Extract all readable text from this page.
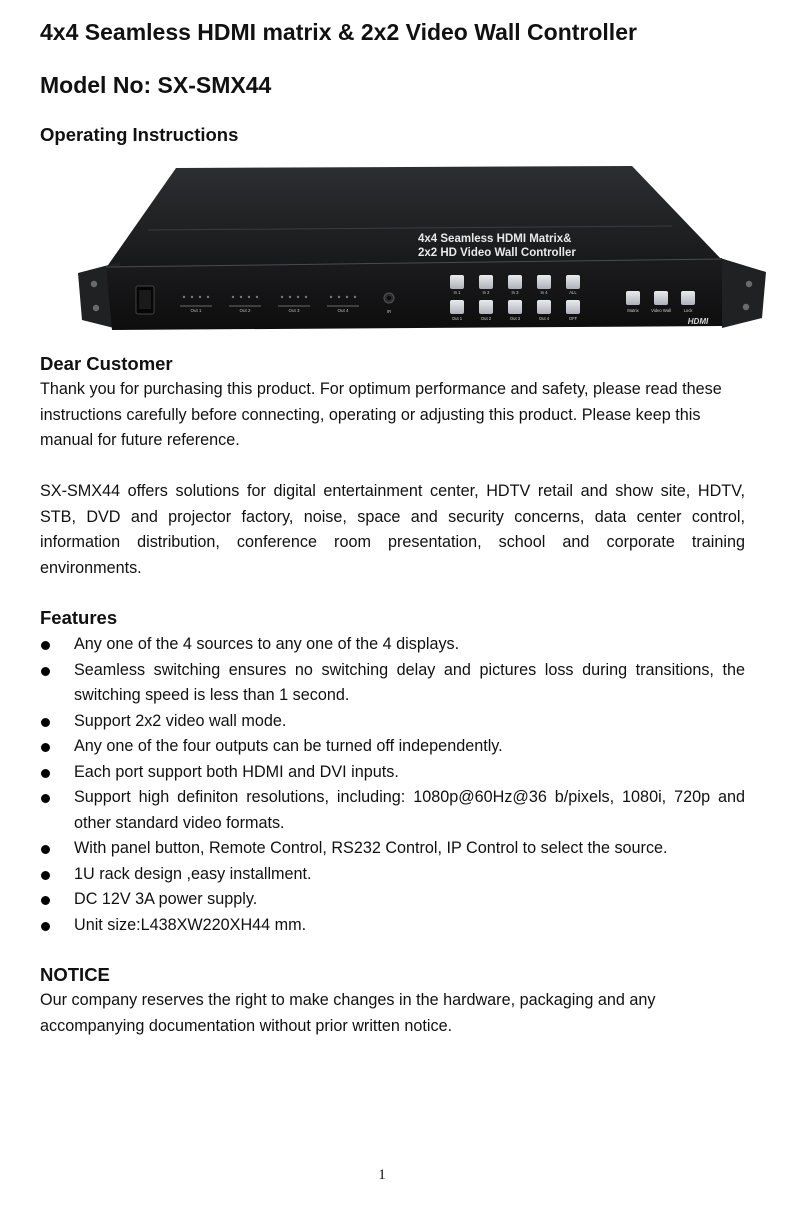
4x4 Seamless HDMI matrix & 2x2 Video Wall Controller
Model No: SX-SMX44
Operating Instructions
Out 1	Out 2	Out 3	Out 4	IR
4x4 Seamless HDMI Matrix&
2x2 HD Video Wall Controller
In 1	In 2	In 3	In 4	ALL
Out 1	Out 2	Out 3	Out 4	OFF
Matrix	Video Wall	Lock
HDMI
Dear Customer

Thank you for purchasing this product. For optimum performance and safety, please read these instructions carefully before connecting, operating or adjusting this product. Please keep this manual for future reference.

SX-SMX44 offers solutions for digital entertainment center, HDTV retail and show site, HDTV, STB, DVD and projector factory, noise, space and security concerns, data center control, information distribution, conference room presentation, school and corporate training environments.

Features
Any one of the 4 sources to any one of the 4 displays.
Seamless switching ensures no switching delay and pictures loss during transitions, the switching speed is less than 1 second.
Support 2x2 video wall mode.
Any one of the four outputs can be turned off independently.
Each port support both HDMI and DVI inputs.
Support high definiton resolutions, including: 1080p@60Hz@36 b/pixels, 1080i, 720p and other standard video formats.
With panel button, Remote Control, RS232 Control, IP Control to select the source.
1U rack design ,easy installment.
DC 12V 3A power supply.
Unit size:L438XW220XH44 mm.
NOTICE

Our company reserves the right to make changes in the hardware, packaging and any accompanying documentation without prior written notice.

1
